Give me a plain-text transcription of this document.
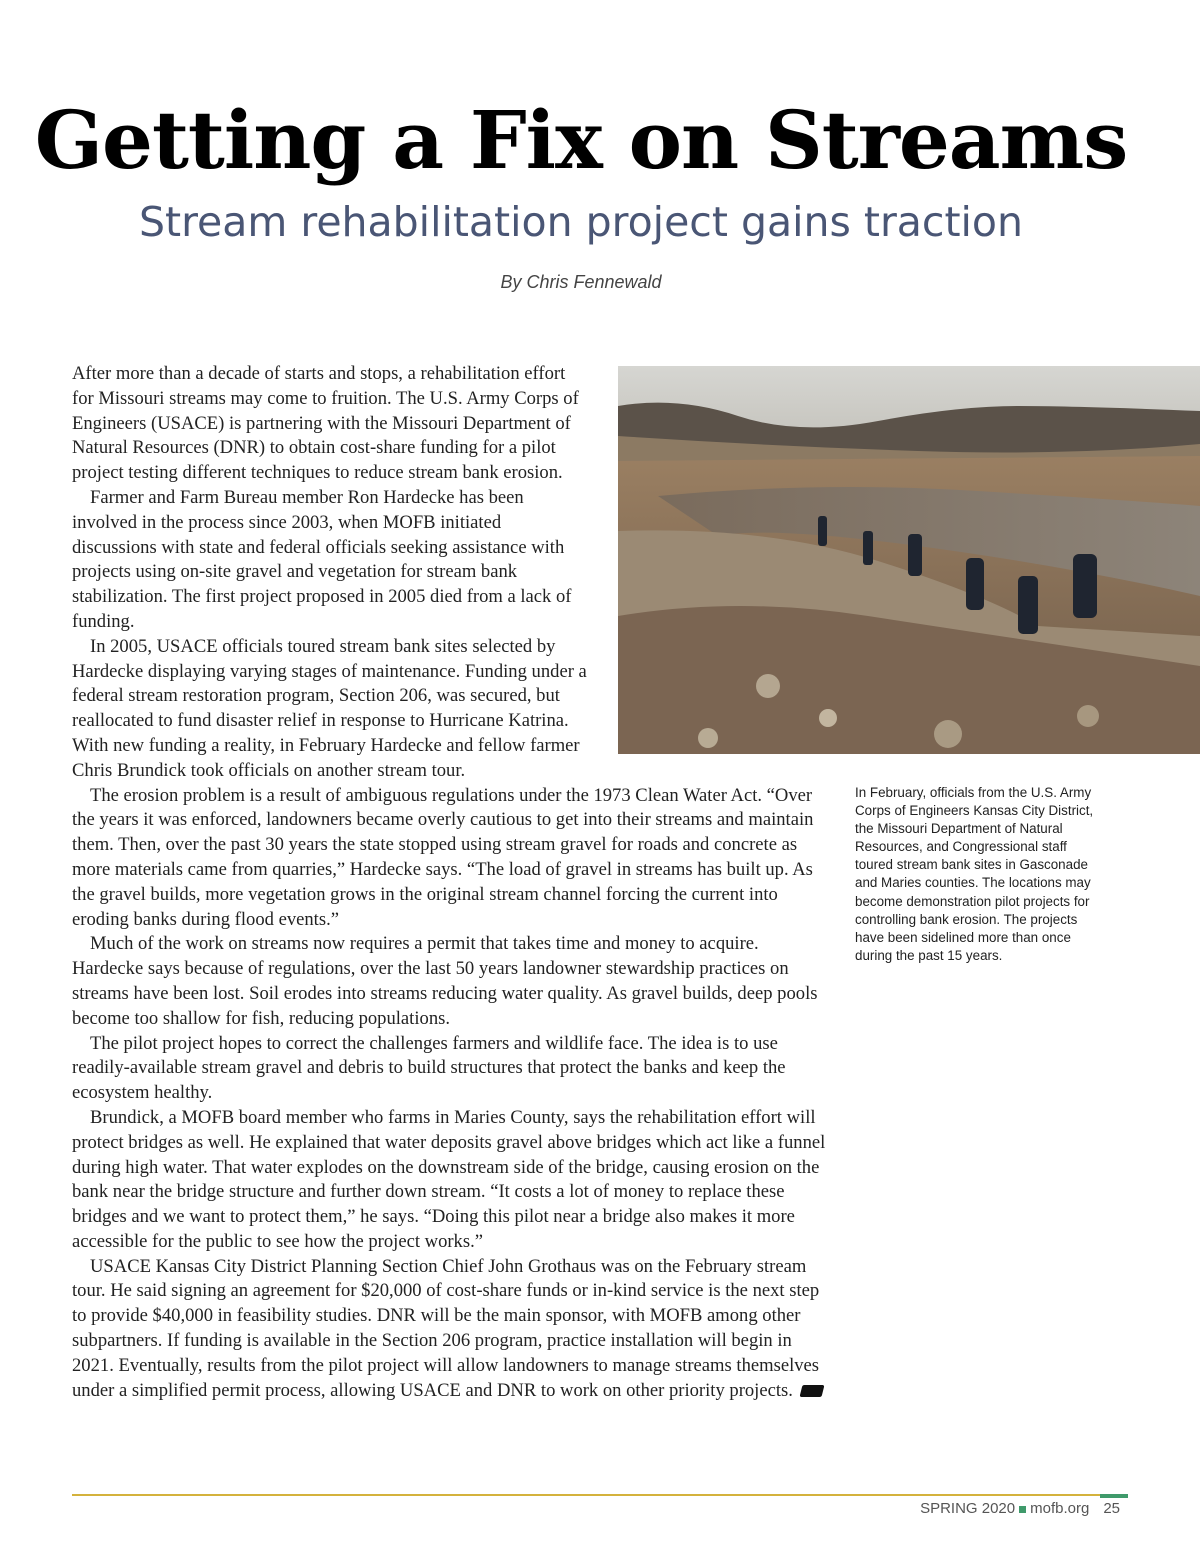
Getting a Fix on Streams
Stream rehabilitation project gains traction
By Chris Fennewald
In February, officials from the U.S. Army Corps of Engineers Kansas City District, the Missouri Department of Natural Resources, and Congressional staff toured stream bank sites in Gasconade and Maries counties. The locations may become demonstration pilot projects for controlling bank erosion. The projects have been sidelined more than once during the past 15 years.

After more than a decade of starts and stops, a rehabilitation effort for Missouri streams may come to fruition. The U.S. Army Corps of Engineers (USACE) is partnering with the Missouri Department of Natural Resources (DNR) to obtain cost-share funding for a pilot project testing different techniques to reduce stream bank erosion.

Farmer and Farm Bureau member Ron Hardecke has been involved in the process since 2003, when MOFB initiated discussions with state and federal officials seeking assistance with projects using on-site gravel and vegetation for stream bank stabilization. The first project proposed in 2005 died from a lack of funding.

In 2005, USACE officials toured stream bank sites selected by Hardecke displaying varying stages of maintenance. Funding under a federal stream restoration program, Section 206, was secured, but reallocated to fund disaster relief in response to Hurricane Katrina. With new funding a reality, in February Hardecke and fellow farmer Chris Brundick took officials on another stream tour.

The erosion problem is a result of ambiguous regulations under the 1973 Clean Water Act. “Over the years it was enforced, landowners became overly cautious to get into their streams and maintain them. Then, over the past 30 years the state stopped using stream gravel for roads and concrete as more materials came from quarries,” Hardecke says. “The load of gravel in streams has built up. As the gravel builds, more vegetation grows in the original stream channel forcing the current into eroding banks during flood events.”

Much of the work on streams now requires a permit that takes time and money to acquire. Hardecke says because of regulations, over the last 50 years landowner stewardship practices on streams have been lost. Soil erodes into streams reducing water quality. As gravel builds, deep pools become too shallow for fish, reducing populations.

The pilot project hopes to correct the challenges farmers and wildlife face. The idea is to use readily-available stream gravel and debris to build structures that protect the banks and keep the ecosystem healthy.

Brundick, a MOFB board member who farms in Maries County, says the rehabilitation effort will protect bridges as well. He explained that water deposits gravel above bridges which act like a funnel during high water. That water explodes on the downstream side of the bridge, causing erosion on the bank near the bridge structure and further down stream. “It costs a lot of money to replace these bridges and we want to protect them,” he says. “Doing this pilot near a bridge also makes it more accessible for the public to see how the project works.”

USACE Kansas City District Planning Section Chief John Grothaus was on the February stream tour. He said signing an agreement for $20,000 of cost-share funds or in-kind service is the next step to provide $40,000 in feasibility studies. DNR will be the main sponsor, with MOFB among other subpartners. If funding is available in the Section 206 program, practice installation will begin in 2021. Eventually, results from the pilot project will allow landowners to manage streams themselves under a simplified permit process, allowing USACE and DNR to work on other priority projects.

SPRING 2020 mofb.org 25
